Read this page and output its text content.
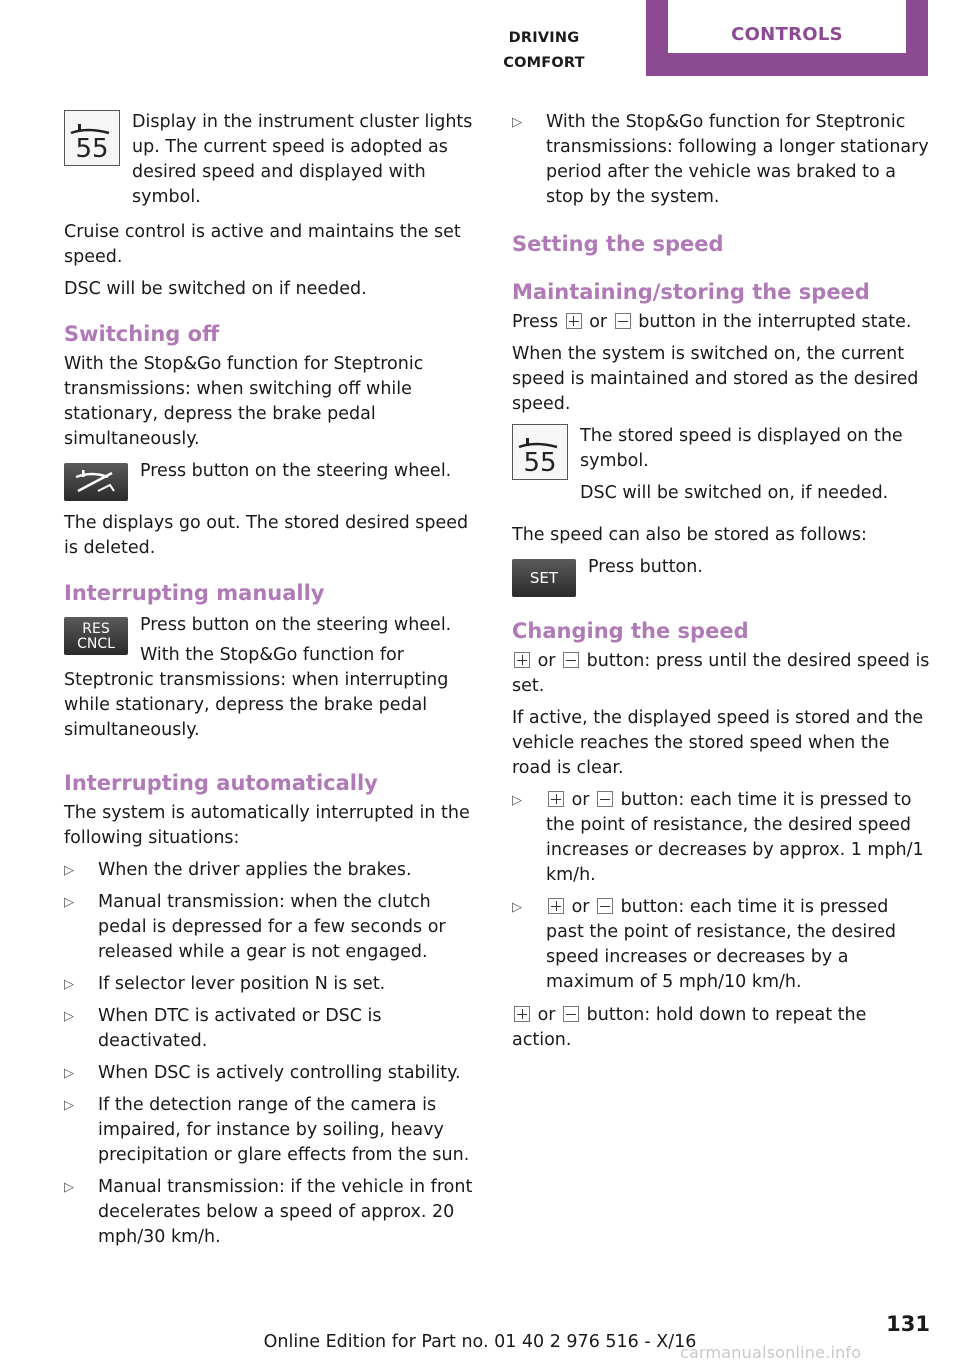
DRIVING COMFORT
CONTROLS
55
Display in the instrument cluster lights up. The current speed is adopted as desired speed and displayed with symbol.

Cruise control is active and maintains the set speed.

DSC will be switched on if needed.

Switching off

With the Stop&Go function for Steptronic transmissions: when switching off while stationary, depress the brake pedal simultaneously.

Press button on the steering wheel.

The displays go out. The stored desired speed is deleted.

Interrupting manually
RES
CNCL
Press button on the steering wheel.

With the Stop&Go function for Steptronic transmissions: when interrupting while stationary, depress the brake pedal simultaneously.

Interrupting automatically

The system is automatically interrupted in the following situations:

▷ When the driver applies the brakes.
▷ Manual transmission: when the clutch pedal is depressed for a few seconds or released while a gear is not engaged.
▷ If selector lever position N is set.
▷ When DTC is activated or DSC is deactivated.
▷ When DSC is actively controlling stability.
▷ If the detection range of the camera is impaired, for instance by soiling, heavy precipitation or glare effects from the sun.
▷ Manual transmission: if the vehicle in front decelerates below a speed of approx. 20 mph/30 km/h.
▷ With the Stop&Go function for Steptronic transmissions: following a longer stationary period after the vehicle was braked to a stop by the system.
Setting the speed
Maintaining/storing the speed

Press or button in the interrupted state.

When the system is switched on, the current speed is maintained and stored as the desired speed.

55

The stored speed is displayed on the symbol.

DSC will be switched on, if needed.

The speed can also be stored as follows:

SET
Press button.
Changing the speed

or button: press until the desired speed is set.

If active, the displayed speed is stored and the vehicle reaches the stored speed when the road is clear.

▷	or button: each time it is pressed to the point of resistance, the desired speed increases or decreases by approx. 1 mph/1 km/h.
▷	or button: each time it is pressed past the point of resistance, the desired speed increases or decreases by a maximum of 5 mph/10 km/h.

or button: hold down to repeat the action.

131
Online Edition for Part no. 01 40 2 976 516 - X/16
carmanualsonline.info
